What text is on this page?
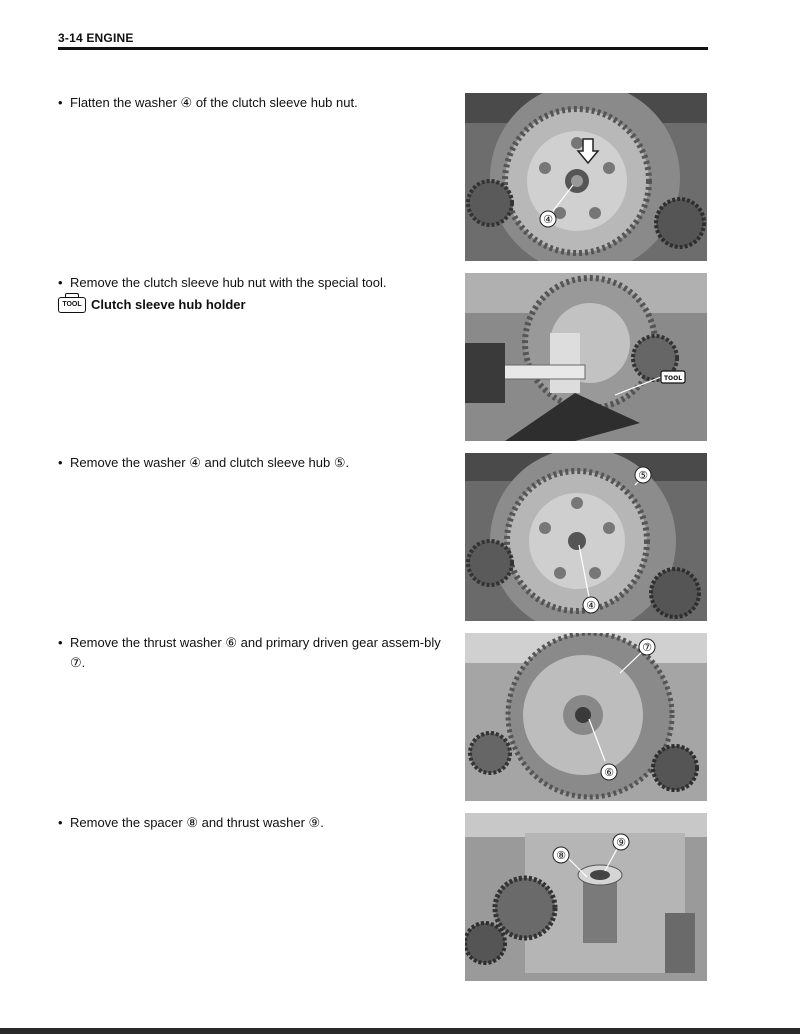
3-14 ENGINE
• Flatten the washer ④ of the clutch sleeve hub nut.
④
• Remove the clutch sleeve hub nut with the special tool.
TOOL Clutch sleeve hub holder
TOOL
• Remove the washer ④ and clutch sleeve hub ⑤.
⑤
④
• Remove the thrust washer ⑥ and primary driven gear assem-bly ⑦.
⑦
⑥
• Remove the spacer ⑧ and thrust washer ⑨.
⑧
⑨
